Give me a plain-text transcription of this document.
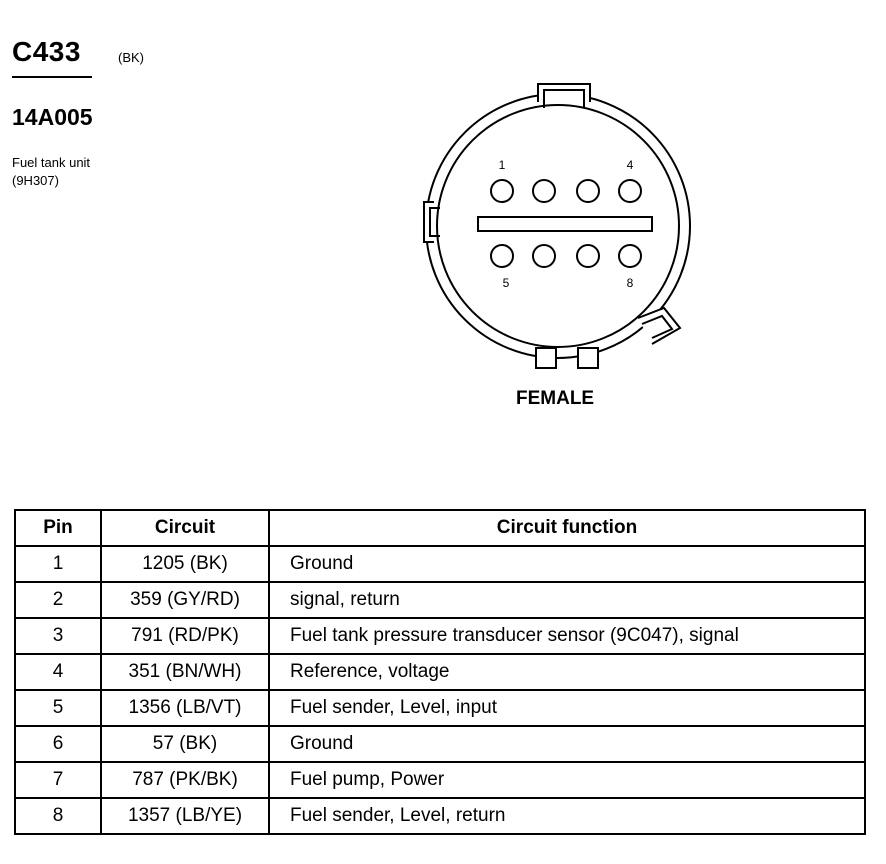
C433	(BK)
14A005
Fuel tank unit
(9H307)
1	4
5	8
FEMALE
Pin	Circuit	Circuit function
1	1205 (BK)	Ground
2	359 (GY/RD)	signal, return
3	791 (RD/PK)	Fuel tank pressure transducer sensor (9C047), signal
4	351 (BN/WH)	Reference, voltage
5	1356 (LB/VT)	Fuel sender, Level, input
6	57 (BK)	Ground
7	787 (PK/BK)	Fuel pump, Power
8	1357 (LB/YE)	Fuel sender, Level, return
